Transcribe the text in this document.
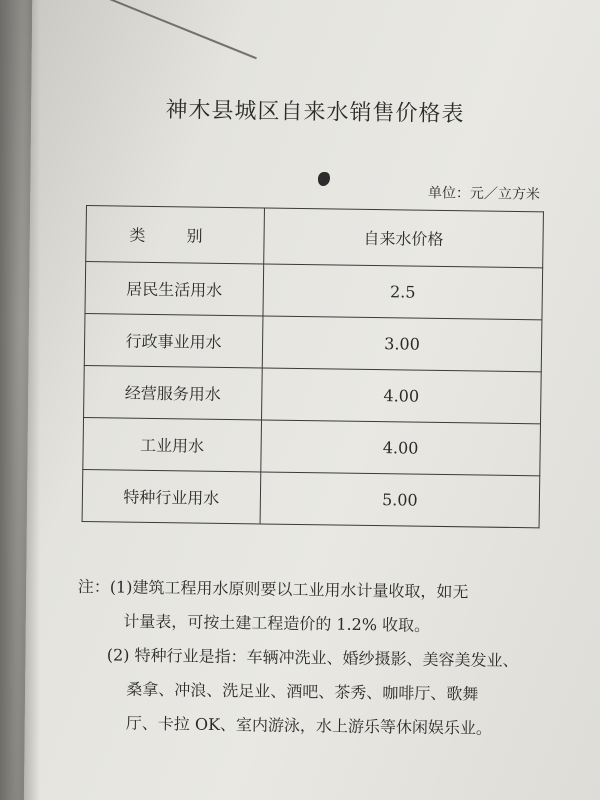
神木县城区自来水销售价格表
单位：元／立方米
类 别	自来水价格
居民生活用水	2.5
行政事业用水	3.00
经营服务用水	4.00
工业用水	4.00
特种行业用水	5.00
注：(1)建筑工程用水原则要以工业用水计量收取，如无
计量表，可按土建工程造价的 1.2% 收取。
(2) 特种行业是指：车辆冲洗业、婚纱摄影、美容美发业、
桑拿、冲浪、洗足业、酒吧、茶秀、咖啡厅、歌舞
厅、卡拉 OK、室内游泳，水上游乐等休闲娱乐业。
